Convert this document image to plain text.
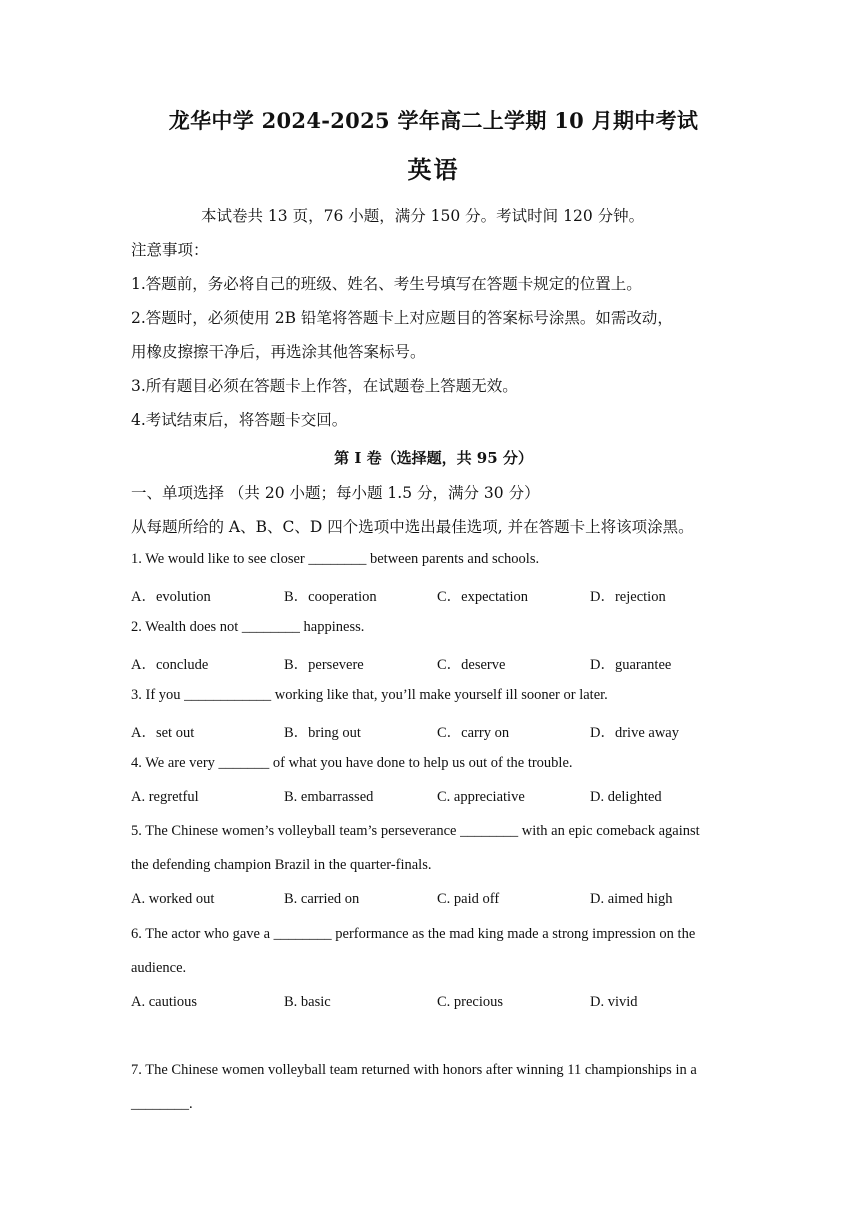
龙华中学 2024-2025 学年高二上学期 10 月期中考试
英语
本试卷共 13 页，76 小题，满分 150 分。考试时间 120 分钟。
注意事项：
1.答题前，务必将自己的班级、姓名、考生号填写在答题卡规定的位置上。
2.答题时，必须使用 2B 铅笔将答题卡上对应题目的答案标号涂黑。如需改动，
用橡皮擦擦干净后，再选涂其他答案标号。
3.所有题目必须在答题卡上作答，在试题卷上答题无效。
4.考试结束后，将答题卡交回。
第 I 卷（选择题，共 95 分）
一、单项选择 （共 20 小题；每小题 1.5 分，满分 30 分）
从每题所给的 A、B、C、D 四个选项中选出最佳选项, 并在答题卡上将该项涂黑。
1. We would like to see closer ________ between parents and schools.
A．evolution	B．cooperation	C．expectation	D．rejection
2. Wealth does not ________ happiness.
A．conclude	B．persevere	C．deserve	D．guarantee
3. If you ____________ working like that, you’ll make yourself ill sooner or later.
A．set out	B．bring out	C．carry on	D．drive away
4. We are very _______ of what you have done to help us out of the trouble.
A. regretful	B. embarrassed	C. appreciative	D. delighted
5. The Chinese women’s volleyball team’s perseverance ________ with an epic comeback against
the defending champion Brazil in the quarter-finals.
A. worked out	B. carried on	C. paid off	D. aimed high
6. The actor who gave a ________ performance as the mad king made a strong impression on the
audience.
A. cautious	B. basic	C. precious	D. vivid
7. The Chinese women volleyball team returned with honors after winning 11 championships in a
________.
